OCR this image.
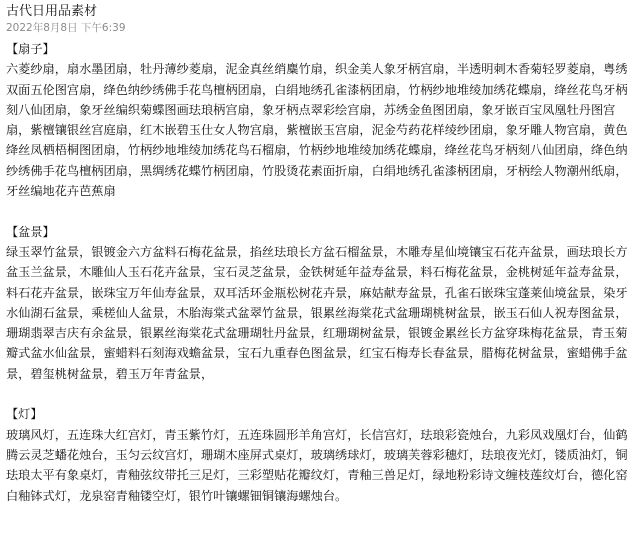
古代日用品素材
2022年8月8日 下午6:39

【扇子】

六菱纱扇，扇水墨团扇，牡丹薄纱菱扇，泥金真丝绡麋竹扇，织金美人象牙柄宫扇，半透明刺木香菊轻罗菱扇，粤绣双面五伦图宫扇，绛色纳纱绣佛手花鸟檀柄团扇，白绢地绣孔雀漆柄团扇，竹柄纱地堆绫加绣花蝶扇，绛丝花鸟牙柄刻八仙团扇，象牙丝编织菊蝶图画珐琅柄宫扇，象牙柄点翠彩绘宫扇，苏绣金鱼图团扇，象牙嵌百宝凤凰牡丹图宫扇，紫檀镶银丝宫庭扇，红木嵌碧玉仕女人物宫扇，紫檀嵌玉宫扇，泥金芍药花样绫纱团扇，象牙雕人物宫扇，黄色绛丝凤栖梧桐图团扇，竹柄纱地堆绫加绣花鸟石榴扇，竹柄纱地堆绫加绣花蝶扇，绛丝花鸟牙柄刻八仙团扇，绛色纳纱绣佛手花鸟檀柄团扇，黑绸绣花蝶竹柄团扇，竹股烫花素面折扇，白绢地绣孔雀漆柄团扇，牙柄绘人物潮州纸扇，牙丝编地花卉芭蕉扇

【盆景】

绿玉翠竹盆景，银镀金六方盆料石梅花盆景，掐丝珐琅长方盆石榴盆景，木雕寿星仙境镶宝石花卉盆景，画珐琅长方盆玉兰盆景，木雕仙人玉石花卉盆景，宝石灵芝盆景，金铁树延年益寿盆景，料石梅花盆景，金桃树延年益寿盆景，料石花卉盆景，嵌珠宝万年仙寿盆景，双耳活环金瓶松树花卉景，麻姑献寿盆景，孔雀石嵌珠宝蓬莱仙境盆景，染牙水仙湖石盆景，乘槎仙人盆景，木胎海棠式盆翠竹盆景，银累丝海棠花式盆珊瑚桃树盆景，嵌玉石仙人祝寿图盆景，珊瑚翡翠吉庆有余盆景，银累丝海棠花式盆珊瑚牡丹盆景，红珊瑚树盆景，银镀金累丝长方盆穿珠梅花盆景，青玉菊瓣式盆水仙盆景，蜜蜡料石刻海戏蟾盆景，宝石九重春色图盆景，红宝石梅寿长春盆景，腊梅花树盆景，蜜蜡佛手盆景，碧玺桃树盆景，碧玉万年青盆景，

【灯】

玻璃风灯，五连珠大红宫灯，青玉紫竹灯，五连珠圆形羊角宫灯，长信宫灯，珐琅彩瓷烛台，九彩凤戏凰灯台，仙鹤腾云灵芝蟠花烛台，玉匀云纹宫灯，珊瑚木座屏式桌灯，玻璃绣球灯，玻璃芙蓉彩穗灯，珐琅夜光灯，镂质油灯，铜珐琅太平有象桌灯，青釉弦纹带托三足灯，三彩塑贴花瓣纹灯，青釉三兽足灯，绿地粉彩诗文缠枝莲纹灯台，德化窑白釉钵式灯，龙泉窑青釉镂空灯，银竹叶镶螺钿铜镶海螺烛台。
